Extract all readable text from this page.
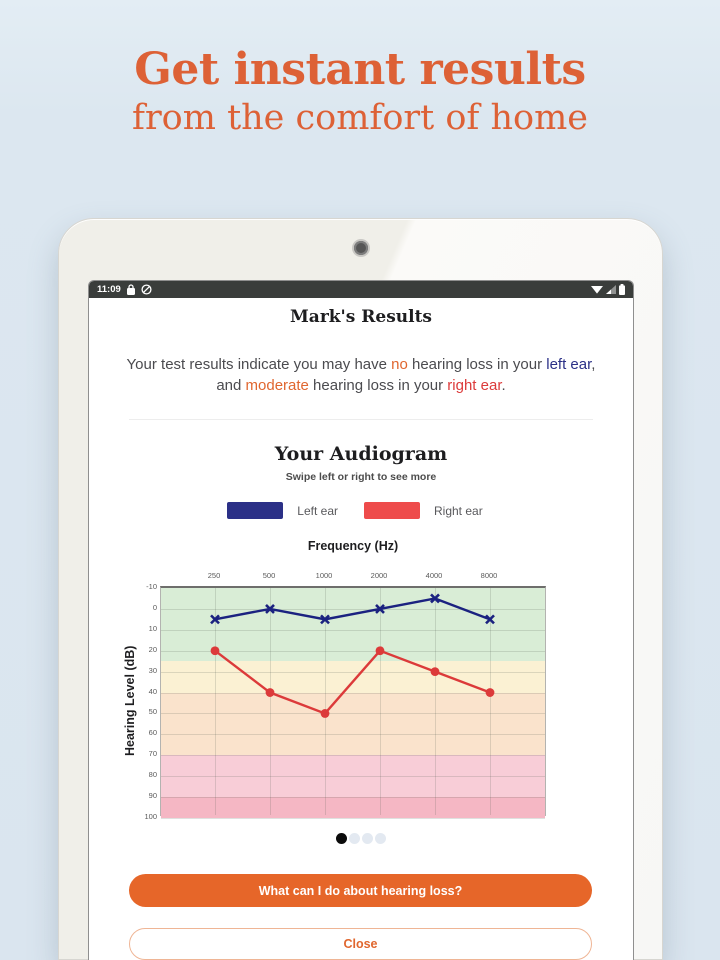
Get instant results
from the comfort of home
11:09
Mark's Results
Your test results indicate you may have no hearing loss in your left ear,
and moderate hearing loss in your right ear.
Your Audiogram
Swipe left or right to see more
Left ear	Right ear
Frequency (Hz)
Hearing Level (dB)
-10
0
10
20
30
40
50
60
70
80
90
100
250	500	1000	2000	4000	8000
What can I do about hearing loss?
Close
